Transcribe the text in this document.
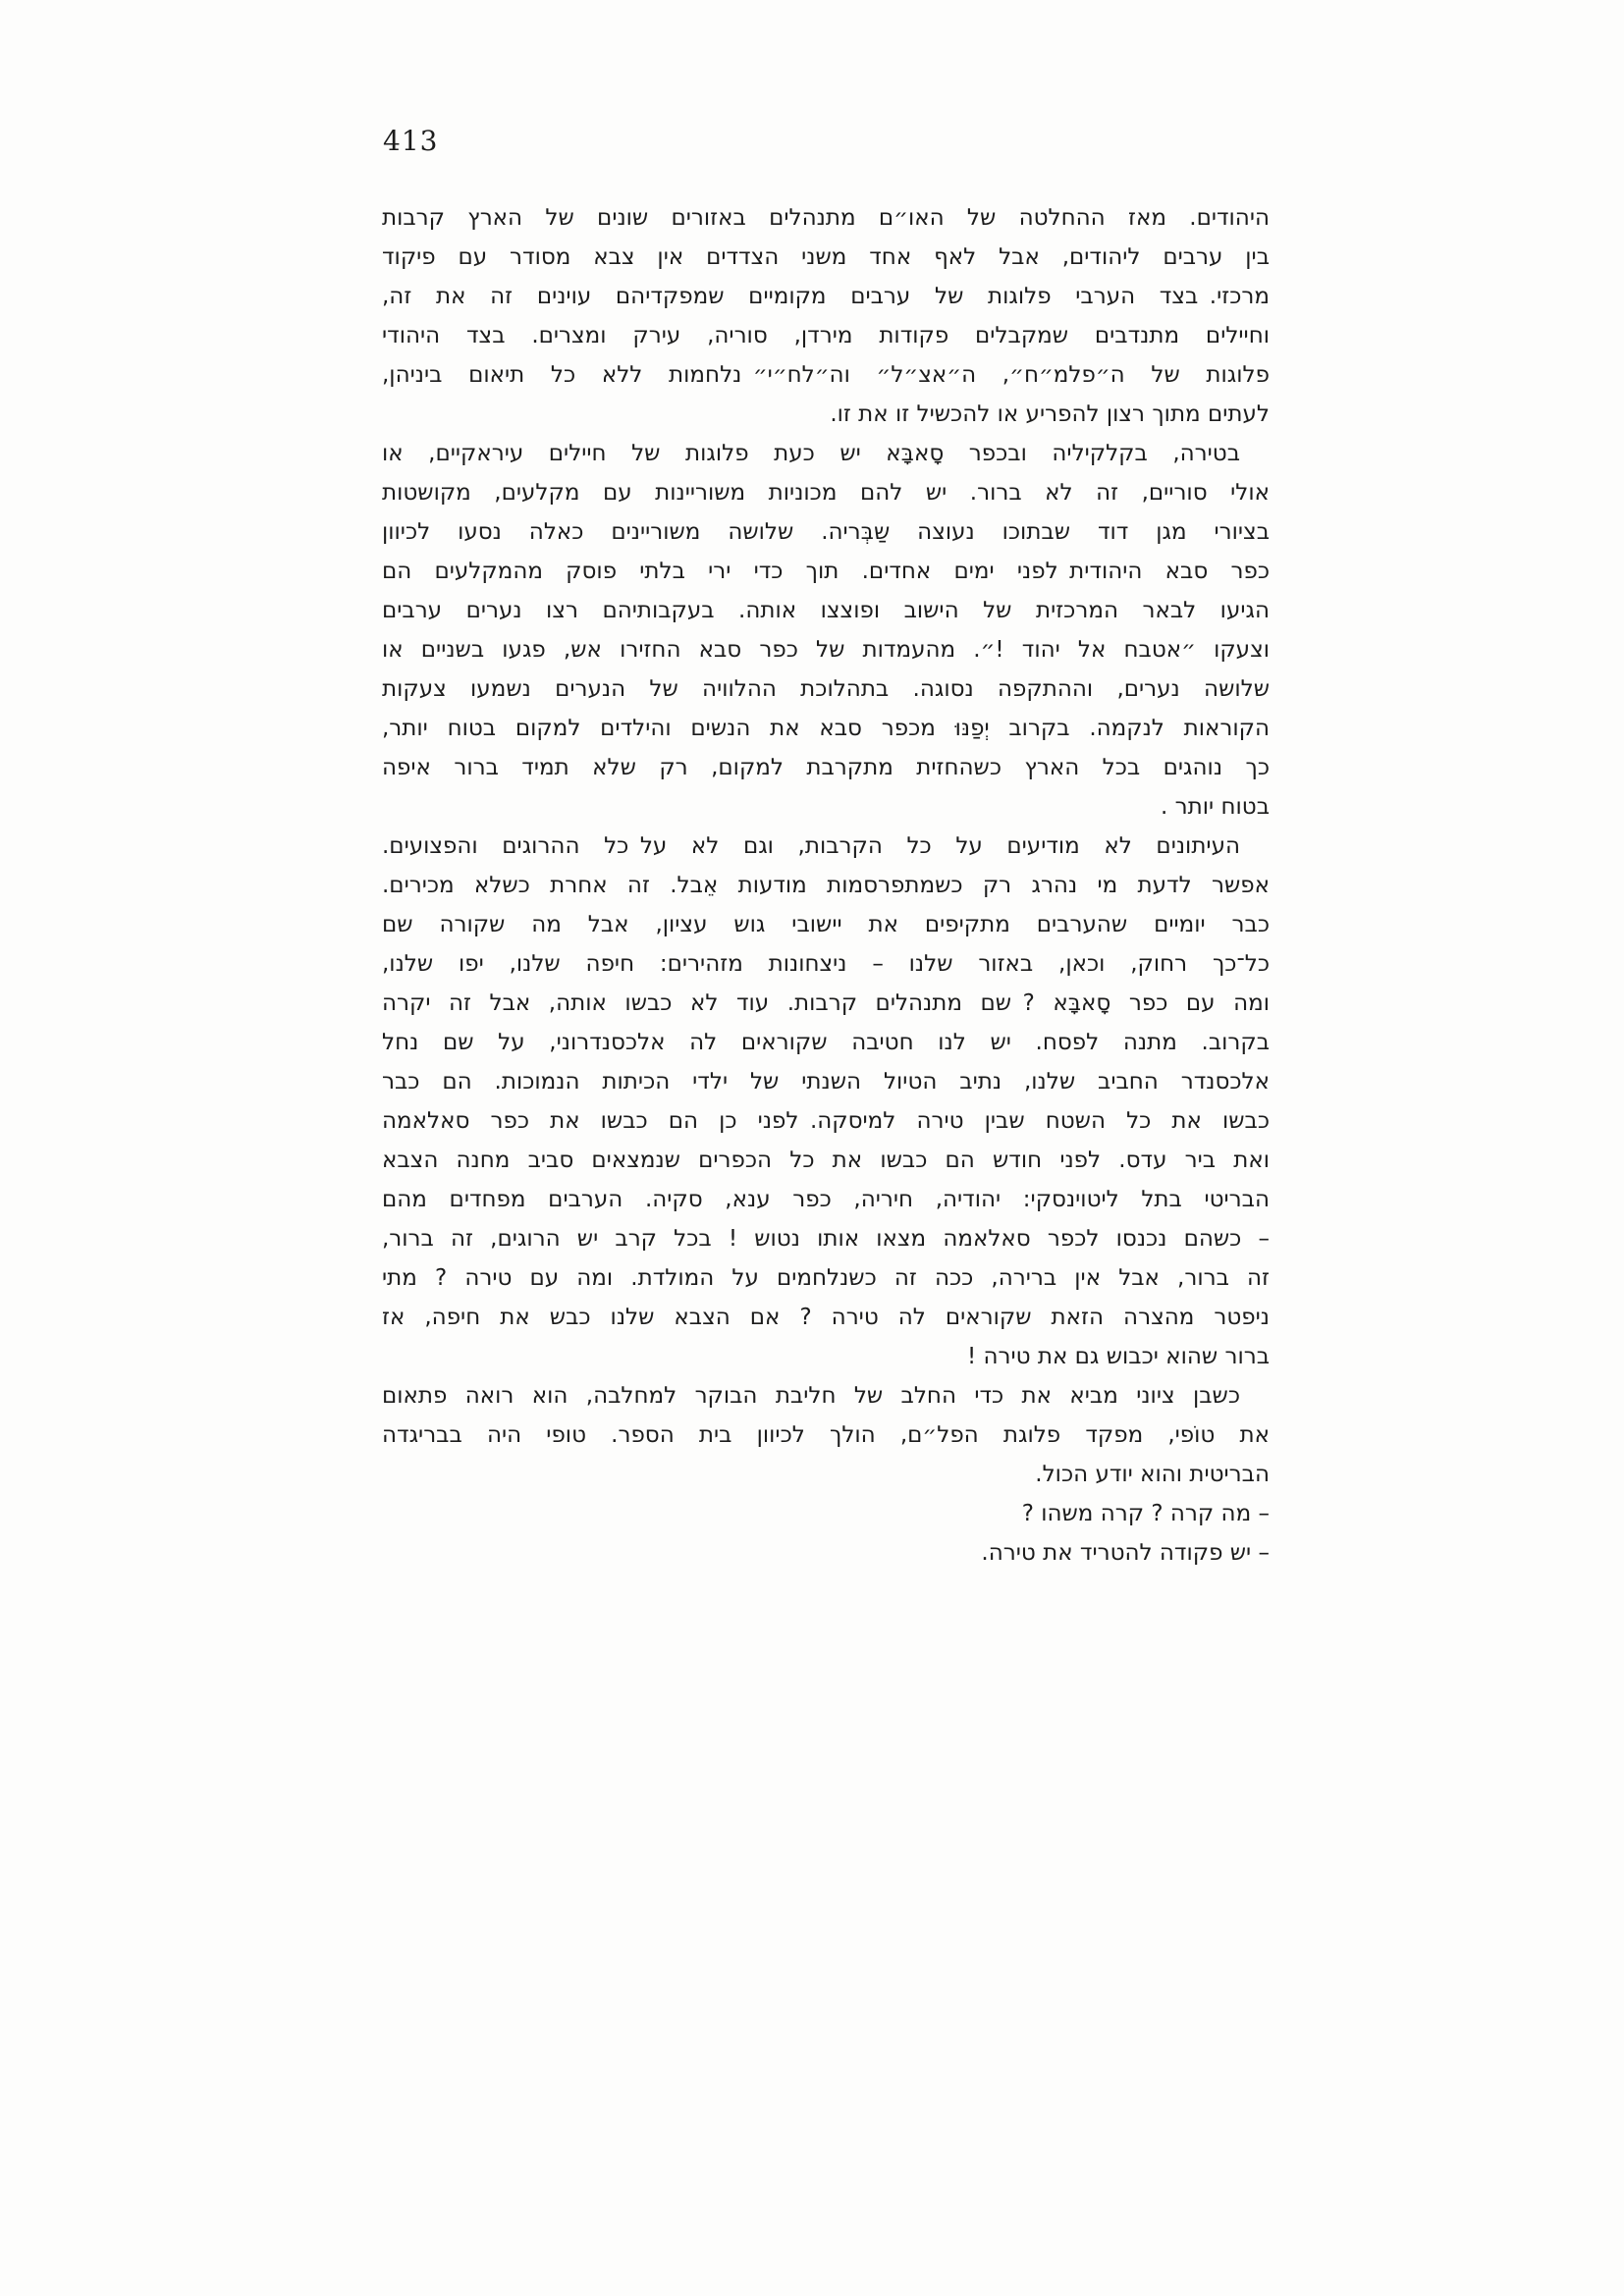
413
היהודים. מאז ההחלטה של האו״ם מתנהלים באזורים שונים של הארץ קרבות
בין ערבים ליהודים, אבל לאף אחד משני הצדדים אין צבא מסודר עם פיקוד
מרכזי. בצד הערבי פלוגות של ערבים מקומיים שמפקדיהם עוינים זה את זה,
וחיילים מתנדבים שמקבלים פקודות מירדן, סוריה, עירק ומצרים. בצד היהודי
פלוגות של ה״פלמ״ח״, ה״אצ״ל״ וה״לח״י״ נלחמות ללא כל תיאום ביניהן,
לעתים מתוך רצון להפריע או להכשיל זו את זו.
בטירה, בקלקיליה ובכפר סָאבָּא יש כעת פלוגות של חיילים עיראקיים, או
אולי סוריים, זה לא ברור. יש להם מכוניות משוריינות עם מקלעים, מקושטות
בציורי מגן דוד שבתוכו נעוצה שַבְּריה. שלושה משוריינים כאלה נסעו לכיוון
כפר סבא היהודית לפני ימים אחדים. תוך כדי ירי בלתי פוסק מהמקלעים הם
הגיעו לבאר המרכזית של הישוב ופוצצו אותה. בעקבותיהם רצו נערים ערבים
וצעקו ״אטבח אל יהוד !״. מהעמדות של כפר סבא החזירו אש, פגעו בשניים או
שלושה נערים, וההתקפה נסוגה. בתהלוכת ההלוויה של הנערים נשמעו צעקות
הקוראות לנקמה. בקרוב יְפַנּוּ מכפר סבא את הנשים והילדים למקום בטוח יותר,
כך נוהגים בכל הארץ כשהחזית מתקרבת למקום, רק שלא תמיד ברור איפה
בטוח יותר .
העיתונים לא מודיעים על כל הקרבות, וגם לא על כל ההרוגים והפצועים.
אפשר לדעת מי נהרג רק כשמתפרסמות מודעות אֵבל. זה אחרת כשלא מכירים.
כבר יומיים שהערבים מתקיפים את יישובי גוש עציון, אבל מה שקורה שם
כל־כך רחוק, וכאן, באזור שלנו – ניצחונות מזהירים: חיפה שלנו, יפו שלנו,
ומה עם כפר סָאבָּא ? שם מתנהלים קרבות. עוד לא כבשו אותה, אבל זה יקרה
בקרוב. מתנה לפסח. יש לנו חטיבה שקוראים לה אלכסנדרוני, על שם נחל
אלכסנדר החביב שלנו, נתיב הטיול השנתי של ילדי הכיתות הנמוכות. הם כבר
כבשו את כל השטח שבין טירה למיסקה. לפני כן הם כבשו את כפר סאלאמה
ואת ביר עדס. לפני חודש הם כבשו את כל הכפרים שנמצאים סביב מחנה הצבא
הבריטי בתל ליטוינסקי: יהודיה, חיריה, כפר ענא, סקיה. הערבים מפחדים מהם
– כשהם נכנסו לכפר סאלאמה מצאו אותו נטוש ! בכל קרב יש הרוגים, זה ברור,
זה ברור, אבל אין ברירה, ככה זה כשנלחמים על המולדת. ומה עם טירה ? מתי
ניפטר מהצרה הזאת שקוראים לה טירה ? אם הצבא שלנו כבש את חיפה, אז
ברור שהוא יכבוש גם את טירה !
כשבן ציוני מביא את כדי החלב של חליבת הבוקר למחלבה, הוא רואה פתאום
את טוֹפי, מפקד פלוגת הפל״ם, הולך לכיוון בית הספר. טופי היה בבריגדה
הבריטית והוא יודע הכול.
– מה קרה ? קרה משהו ?
– יש פקודה להטריד את טירה.
